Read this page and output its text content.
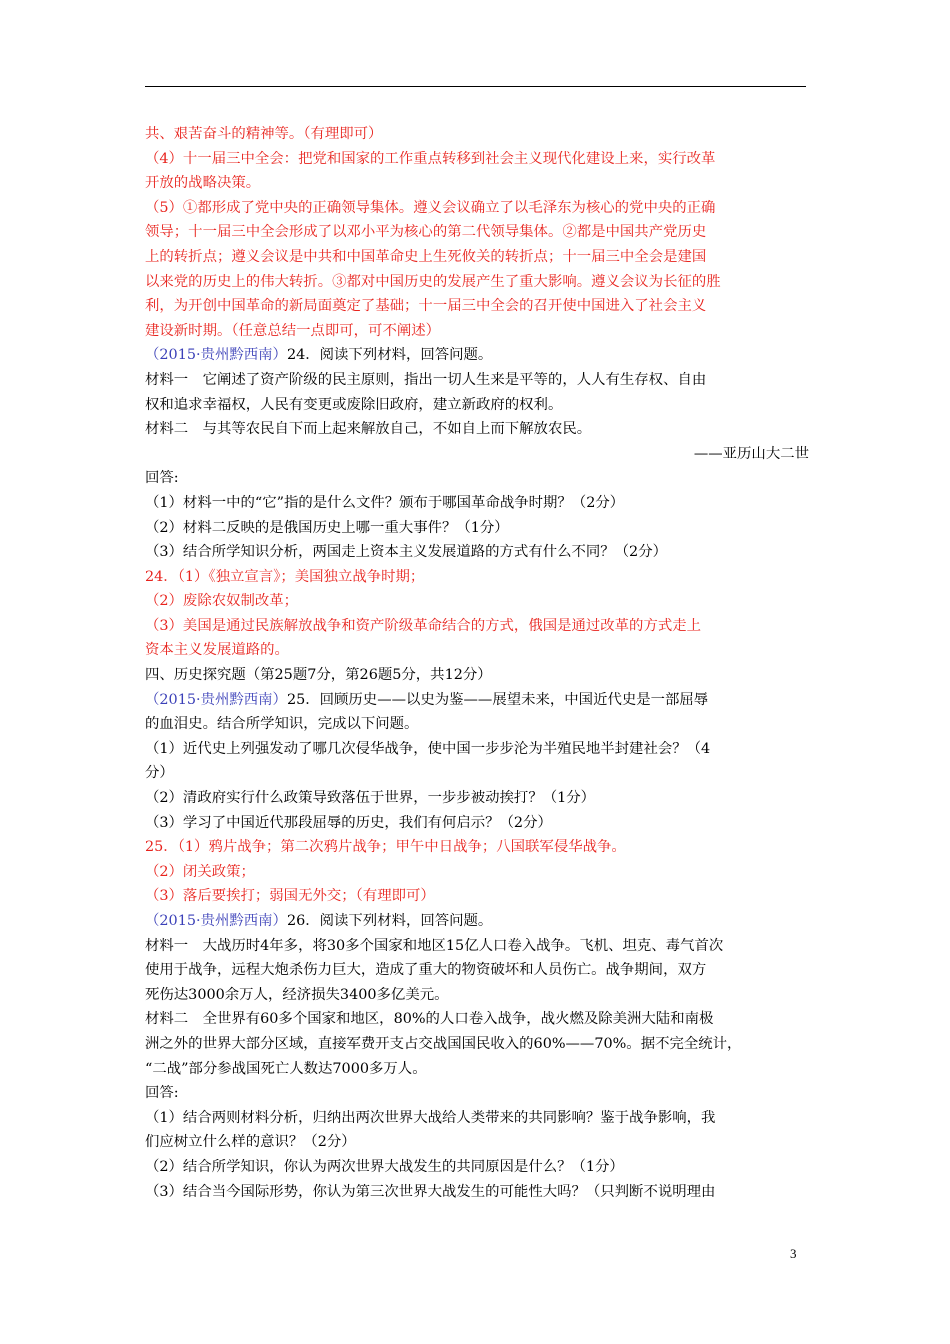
共、艰苦奋斗的精神等。（有理即可）
（4）十一届三中全会：把党和国家的工作重点转移到社会主义现代化建设上来，实行改革
开放的战略决策。
（5）①都形成了党中央的正确领导集体。遵义会议确立了以毛泽东为核心的党中央的正确
领导；十一届三中全会形成了以邓小平为核心的第二代领导集体。②都是中国共产党历史
上的转折点；遵义会议是中共和中国革命史上生死攸关的转折点；十一届三中全会是建国
以来党的历史上的伟大转折。③都对中国历史的发展产生了重大影响。遵义会议为长征的胜
利，为开创中国革命的新局面奠定了基础；十一届三中全会的召开使中国进入了社会主义
建设新时期。（任意总结一点即可，可不阐述）
（2015·贵州黔西南）24．阅读下列材料，回答问题。
材料一　它阐述了资产阶级的民主原则，指出一切人生来是平等的，人人有生存权、自由
权和追求幸福权，人民有变更或废除旧政府，建立新政府的权利。
材料二　与其等农民自下而上起来解放自己，不如自上而下解放农民。
——亚历山大二世
回答:
（1）材料一中的“它”指的是什么文件？颁布于哪国革命战争时期？（2分）
（2）材料二反映的是俄国历史上哪一重大事件？（1分）
（3）结合所学知识分析，两国走上资本主义发展道路的方式有什么不同？（2分）
24．（1）《独立宣言》；美国独立战争时期；
（2）废除农奴制改革；
（3）美国是通过民族解放战争和资产阶级革命结合的方式，俄国是通过改革的方式走上
资本主义发展道路的。
四、历史探究题（第25题7分，第26题5分，共12分）
（2015·贵州黔西南）25．回顾历史——以史为鉴——展望未来，中国近代史是一部屈辱
的血泪史。结合所学知识，完成以下问题。
（1）近代史上列强发动了哪几次侵华战争，使中国一步步沦为半殖民地半封建社会？（4
分）
（2）清政府实行什么政策导致落伍于世界，一步步被动挨打？（1分）
（3）学习了中国近代那段屈辱的历史，我们有何启示？（2分）
25．（1）鸦片战争；第二次鸦片战争；甲午中日战争；八国联军侵华战争。
（2）闭关政策；
（3）落后要挨打；弱国无外交；（有理即可）
（2015·贵州黔西南）26．阅读下列材料，回答问题。
材料一　大战历时4年多，将30多个国家和地区15亿人口卷入战争。飞机、坦克、毒气首次
使用于战争，远程大炮杀伤力巨大，造成了重大的物资破坏和人员伤亡。战争期间，双方
死伤达3000余万人，经济损失3400多亿美元。
材料二　全世界有60多个国家和地区，80%的人口卷入战争，战火燃及除美洲大陆和南极
洲之外的世界大部分区域，直接军费开支占交战国国民收入的60%——70%。据不完全统计，
“二战”部分参战国死亡人数达7000多万人。
回答:
（1）结合两则材料分析，归纳出两次世界大战给人类带来的共同影响？鉴于战争影响，我
们应树立什么样的意识？（2分）
（2）结合所学知识，你认为两次世界大战发生的共同原因是什么？（1分）
（3）结合当今国际形势，你认为第三次世界大战发生的可能性大吗？（只判断不说明理由
3
